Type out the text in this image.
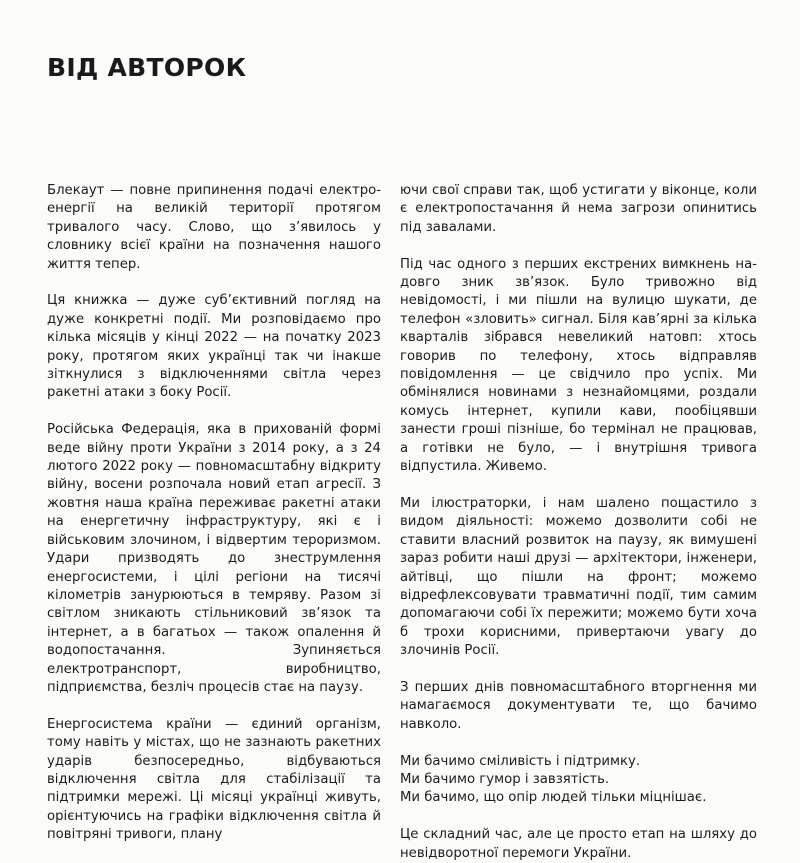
ВІД АВТОРОК

Блекаут — повне припинення подачі електроенергії на великій території протягом тривалого часу. Слово, що з’явилось у словнику всієї країни на позначення нашого життя тепер.

Ця книжка — дуже суб’єктивний погляд на дуже конкретні події. Ми розповідаємо про кілька місяців у кінці 2022 — на початку 2023 року, протягом яких українці так чи інакше зіткнулися з відключеннями світла через ракетні атаки з боку Росії.

Російська Федерація, яка в прихованій формі веде війну проти України з 2014 року, а з 24 лютого 2022 року — повномасштабну відкриту війну, восени розпочала новий етап агресії. З жовтня наша країна переживає ракетні атаки на енергетичну інфраструктуру, які є і військовим злочином, і відвертим тероризмом. Удари призводять до знеструмлення енергосистеми, і цілі регіони на тисячі кілометрів занурюються в темряву. Разом зі світлом зникають стільниковий зв’язок та інтернет, а в багатьох — також опалення й водопостачання. Зупиняється електротранспорт, виробництво, підприємства, безліч процесів стає на паузу.

Енергосистема країни — єдиний організм, тому навіть у містах, що не зазнають ракетних ударів безпосередньо, відбуваються відключення світла для стабілізації та підтримки мережі. Ці місяці українці живуть, орієнтуючись на графіки відключення світла й повітряні тривоги, плану

ючи свої справи так, щоб устигати у віконце, коли є електропостачання й нема загрози опинитись під завалами.

Під час одного з перших екстрених вимкнень надовго зник зв’язок. Було тривожно від невідомості, і ми пішли на вулицю шукати, де телефон «зловить» сигнал. Біля кав’ярні за кілька кварталів зібрався невеликий натовп: хтось говорив по телефону, хтось відправляв повідомлення — це свідчило про успіх. Ми обмінялися новинами з незнайомцями, роздали комусь інтернет, купили кави, пообіцявши занести гроші пізніше, бо термінал не працював, а готівки не було, — і внутрішня тривога відпустила. Живемо.

Ми ілюстраторки, і нам шалено пощастило з видом діяльності: можемо дозволити собі не ставити власний розвиток на паузу, як вимушені зараз робити наші друзі — архітектори, інженери, айтівці, що пішли на фронт; можемо відрефлексовувати травматичні події, тим самим допомагаючи собі їх пережити; можемо бути хоча б трохи корисними, привертаючи увагу до злочинів Росії.

З перших днів повномасштабного вторгнення ми намагаємося документувати те, що бачимо навколо.

Ми бачимо сміливість і підтримку.

Ми бачимо гумор і завзятість.

Ми бачимо, що опір людей тільки міцнішає.

Це складний час, але це просто етап на шляху до невідворотної перемоги України.
